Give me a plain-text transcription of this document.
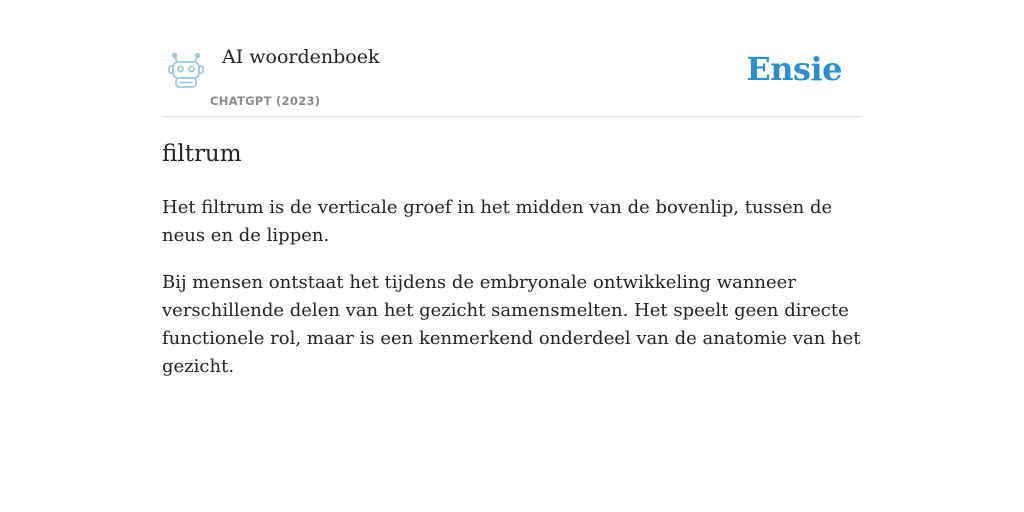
AI woordenboek
CHATGPT (2023)
Ensie
filtrum

Het filtrum is de verticale groef in het midden van de bovenlip, tussen de neus en de lippen.

Bij mensen ontstaat het tijdens de embryonale ontwikkeling wanneer verschillende delen van het gezicht samensmelten. Het speelt geen directe functionele rol, maar is een kenmerkend onderdeel van de anatomie van het gezicht.
